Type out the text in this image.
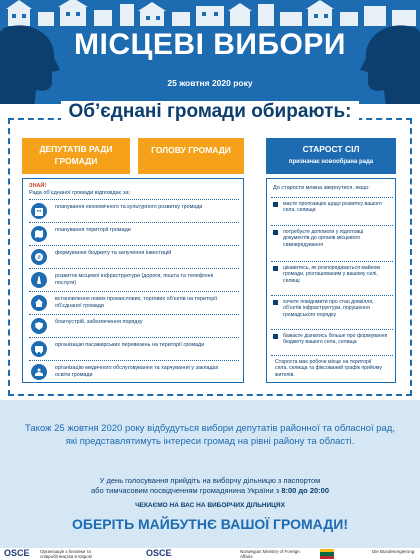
МІСЦЕВІ ВИБОРИ
25 жовтня 2020 року
Об’єднані громади обирають:
ДЕПУТАТІВ РАДИ ГРОМАДИ
ГОЛОВУ ГРОМАДИ	СТАРОСТ СІЛ
призначає новообрана рада
ЗНАЙ!
Рада об’єднаної громади відповідає за:
планування економічного та культурного розвитку громади
планування території громади
₴
формування бюджету та залучення інвестицій
розвиток місцевої інфраструктури (дороги, пошта та телефонні послуги)
встановлення нових промислових, торгових об’єктів на території об’єднаної громади
благоустрій, забезпечення порядку
організацію пасажирських перевезень на території громади
організацію медичного обслуговування та харчування у закладах освіти громади
До старости можна звернутися, якщо:
маєте пропозицію щодо розвитку вашого села, селища
потребуєте допомоги у підготовці документів до органів місцевого самоврядування
цікавитесь, як розпоряджається майном громади, розташованим у вашому селі, селищі
хочете повідомити про стан довкілля, об’єктів інфраструктури, порушення громадського порядку
бажаєте дізнатись більше про формування бюджету вашого села, селища
Староста має робоче місце на території села, селища та фіксований графік прийому жителів.
Також 25 жовтня 2020 року відбудуться вибори депутатів районної та обласної рад, які представлятимуть інтереси громад на рівні району та області.
У день голосування прийдіть на виборчу дільницю з паспортом
або тимчасовим посвідченням громадянина України з 8:00 до 20:00
ЧЕКАЄМО НА ВАС НА ВИБОРЧИХ ДІЛЬНИЦЯХ
ОБЕРІТЬ МАЙБУТНЄ ВАШОЇ ГРОМАДИ!
OSCE Організація з безпеки та співробітництва в Європі	OSCE	Norwegian Ministry of Foreign Affairs
Die Bundesregierung
